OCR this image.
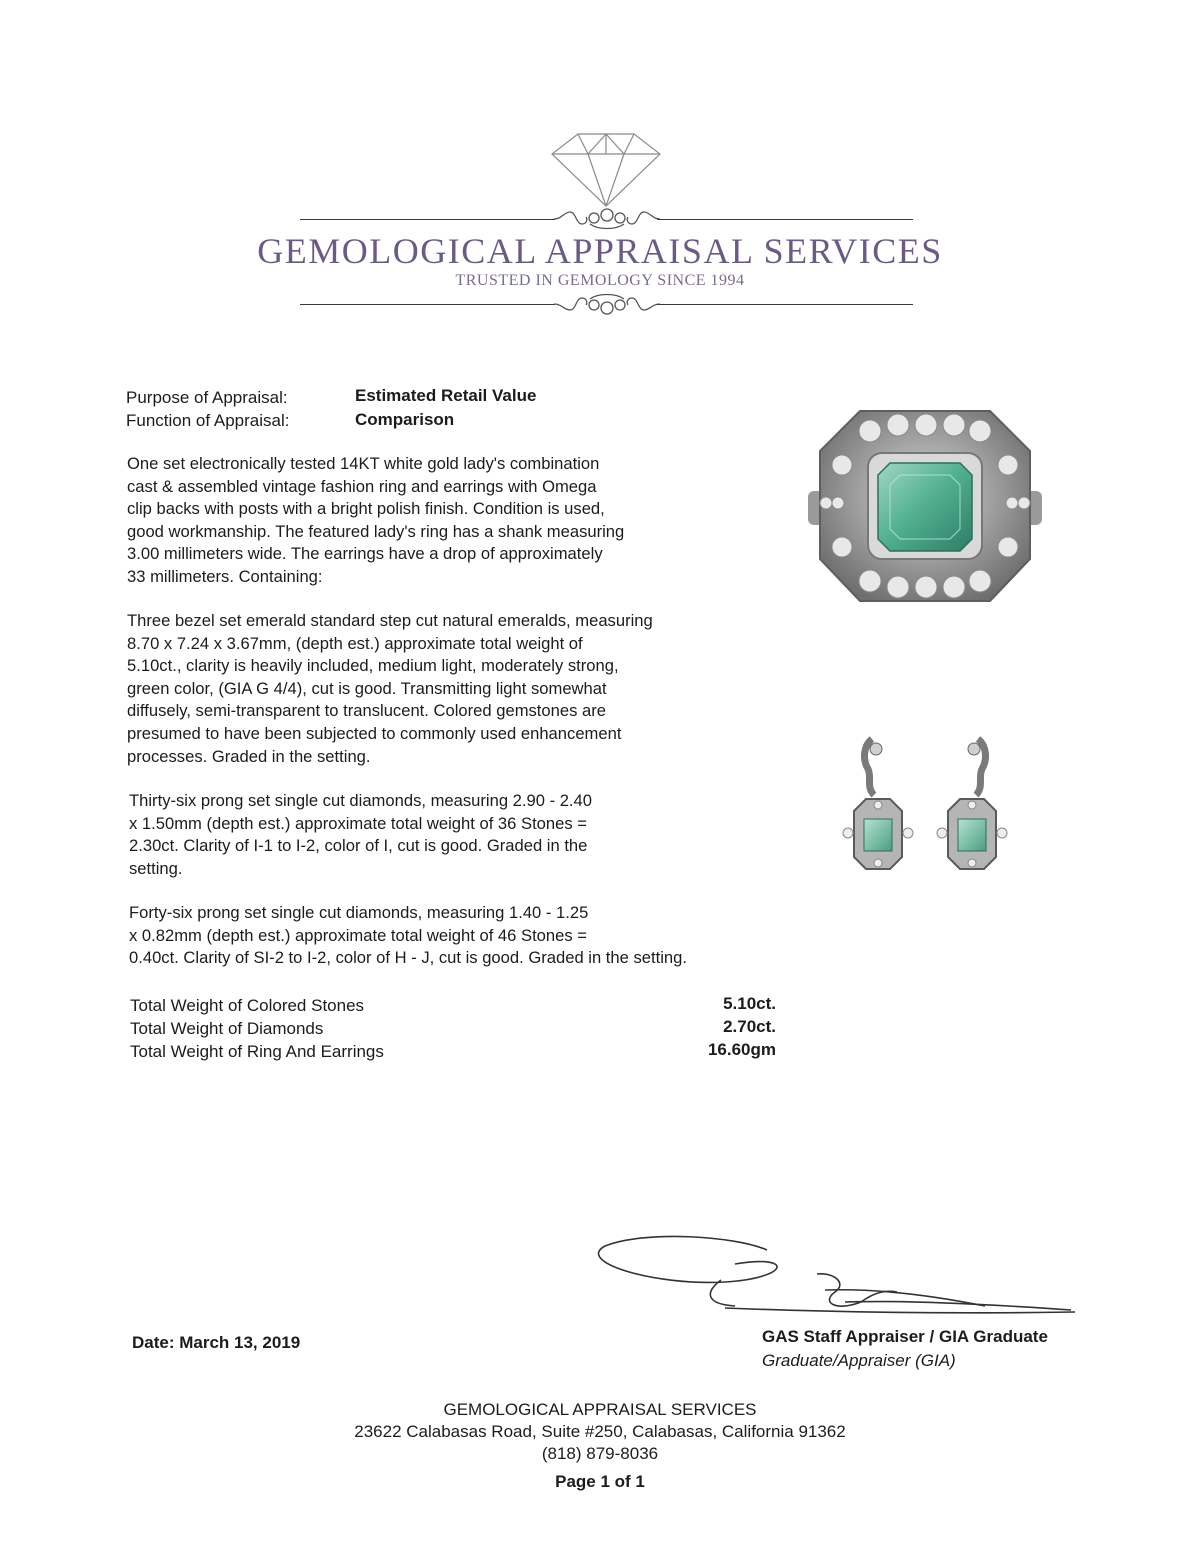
GEMOLOGICAL APPRAISAL SERVICES
TRUSTED IN GEMOLOGY SINCE 1994
Purpose of Appraisal:	Estimated Retail Value
Function of Appraisal:	Comparison

One set electronically tested 14KT white gold lady's combination

cast & assembled vintage fashion ring and earrings with Omega

clip backs with posts with a bright polish finish. Condition is used,

good workmanship. The featured lady's ring has a shank measuring

3.00 millimeters wide. The earrings have a drop of approximately

33 millimeters. Containing:

Three bezel set emerald standard step cut natural emeralds, measuring

8.70 x 7.24 x 3.67mm, (depth est.) approximate total weight of

5.10ct., clarity is heavily included, medium light, moderately strong,

green color, (GIA G 4/4), cut is good. Transmitting light somewhat

diffusely, semi-transparent to translucent. Colored gemstones are

presumed to have been subjected to commonly used enhancement

processes. Graded in the setting.

Thirty-six prong set single cut diamonds, measuring 2.90 - 2.40

x 1.50mm (depth est.) approximate total weight of 36 Stones =

2.30ct. Clarity of I-1 to I-2, color of I, cut is good. Graded in the

setting.

Forty-six prong set single cut diamonds, measuring 1.40 - 1.25

x 0.82mm (depth est.) approximate total weight of 46 Stones =

0.40ct. Clarity of SI-2 to I-2, color of H - J, cut is good. Graded in the setting.

Total Weight of Colored Stones	5.10ct.
Total Weight of Diamonds	2.70ct.
Total Weight of Ring And Earrings	16.60gm
Date: March 13, 2019	GAS Staff Appraiser / GIA Graduate
Graduate/Appraiser (GIA)
GEMOLOGICAL APPRAISAL SERVICES
23622 Calabasas Road, Suite #250, Calabasas, California 91362
(818) 879-8036
Page 1 of 1
